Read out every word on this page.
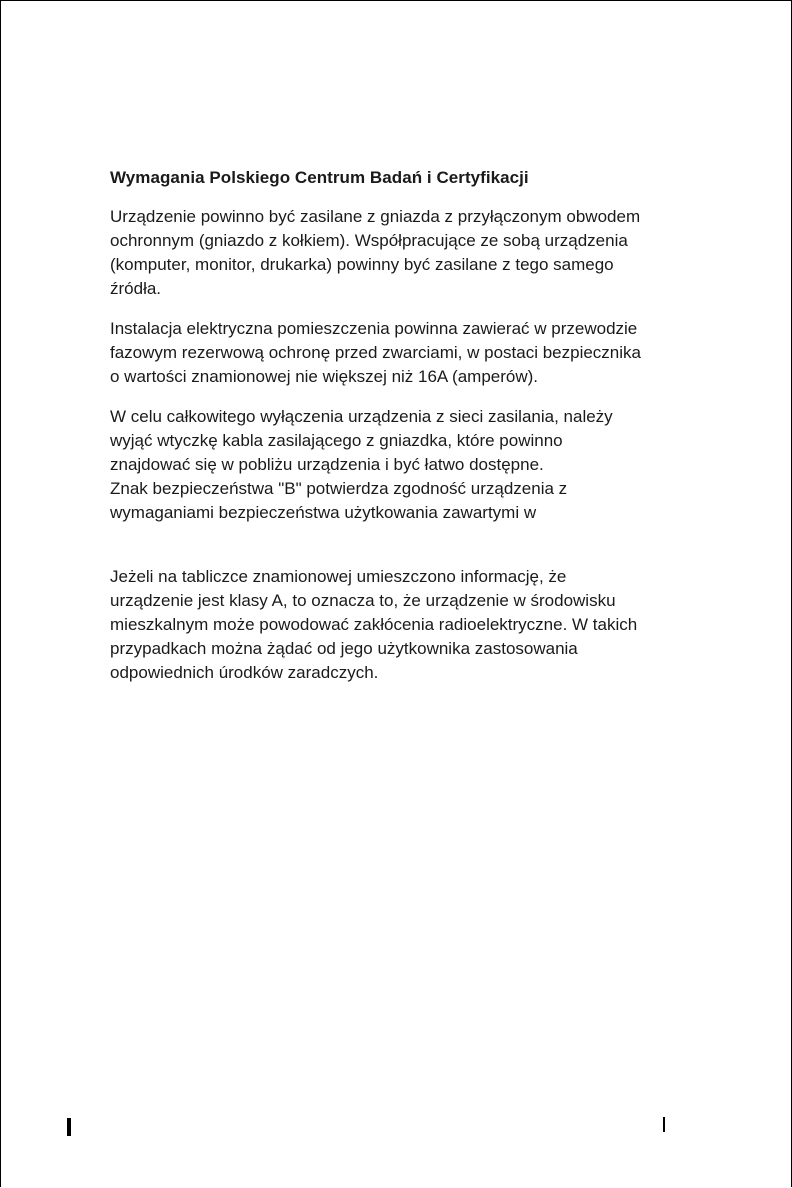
Wymagania Polskiego Centrum Badań i Certyfikacji

Urządzenie powinno być zasilane z gniazda z przyłączonym obwodem
ochronnym (gniazdo z kołkiem). Współpracujące ze sobą urządzenia
(komputer, monitor, drukarka) powinny być zasilane z tego samego
źródła.

Instalacja elektryczna pomieszczenia powinna zawierać w przewodzie
fazowym rezerwową ochronę przed zwarciami, w postaci bezpiecznika
o wartości znamionowej nie większej niż 16A (amperów).

W celu całkowitego wyłączenia urządzenia z sieci zasilania, należy
wyjąć wtyczkę kabla zasilającego z gniazdka, które powinno
znajdować się w pobliżu urządzenia i być łatwo dostępne.

Znak bezpieczeństwa "B" potwierdza zgodność urządzenia z
wymaganiami bezpieczeństwa użytkowania zawartymi w

Jeżeli na tabliczce znamionowej umieszczono informację, że
urządzenie jest klasy A, to oznacza to, że urządzenie w środowisku
mieszkalnym może powodować zakłócenia radioelektryczne. W takich
przypadkach można żądać od jego użytkownika zastosowania
odpowiednich úrodków zaradczych.
